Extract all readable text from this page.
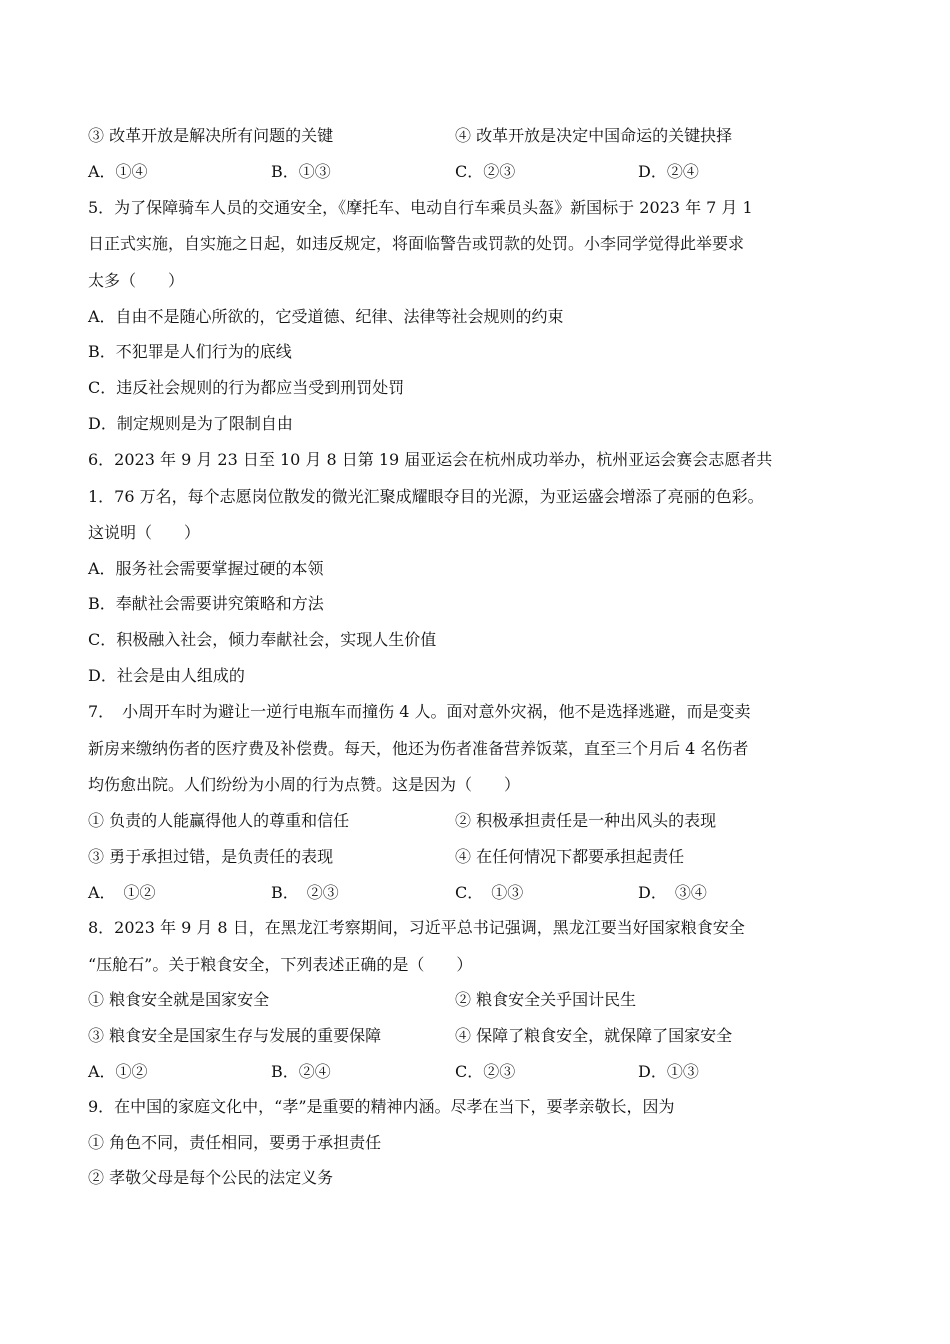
③ 改革开放是解决所有问题的关键	④ 改革开放是决定中国命运的关键抉择
A．①④	B．①③	C．②③	D．②④
5．为了保障骑车人员的交通安全，《摩托车、电动自行车乘员头盔》新国标于 2023 年 7 月 1
日正式实施，自实施之日起，如违反规定，将面临警告或罚款的处罚。小李同学觉得此举要求
太多（　　）
A．自由不是随心所欲的，它受道德、纪律、法律等社会规则的约束
B．不犯罪是人们行为的底线
C．违反社会规则的行为都应当受到刑罚处罚
D．制定规则是为了限制自由
6．2023 年 9 月 23 日至 10 月 8 日第 19 届亚运会在杭州成功举办，杭州亚运会赛会志愿者共
1．76 万名，每个志愿岗位散发的微光汇聚成耀眼夺目的光源，为亚运盛会增添了亮丽的色彩。
这说明（　　）
A．服务社会需要掌握过硬的本领
B．奉献社会需要讲究策略和方法
C．积极融入社会，倾力奉献社会，实现人生价值
D．社会是由人组成的
7．　小周开车时为避让一逆行电瓶车而撞伤 4 人。面对意外灾祸，他不是选择逃避，而是变卖
新房来缴纳伤者的医疗费及补偿费。每天，他还为伤者准备营养饭菜，直至三个月后 4 名伤者
均伤愈出院。人们纷纷为小周的行为点赞。这是因为（　　）
① 负责的人能赢得他人的尊重和信任	② 积极承担责任是一种出风头的表现
③ 勇于承担过错，是负责任的表现	④ 在任何情况下都要承担起责任
A．　①②	B．　②③	C．　①③	D．　③④
8．2023 年 9 月 8 日，在黑龙江考察期间，习近平总书记强调，黑龙江要当好国家粮食安全
“压舱石”。关于粮食安全，下列表述正确的是（　　）
① 粮食安全就是国家安全	② 粮食安全关乎国计民生
③ 粮食安全是国家生存与发展的重要保障	④ 保障了粮食安全，就保障了国家安全
A．①②	B．②④	C．②③	D．①③
9．在中国的家庭文化中，“孝”是重要的精神内涵。尽孝在当下，要孝亲敬长，因为
① 角色不同，责任相同，要勇于承担责任
② 孝敬父母是每个公民的法定义务
